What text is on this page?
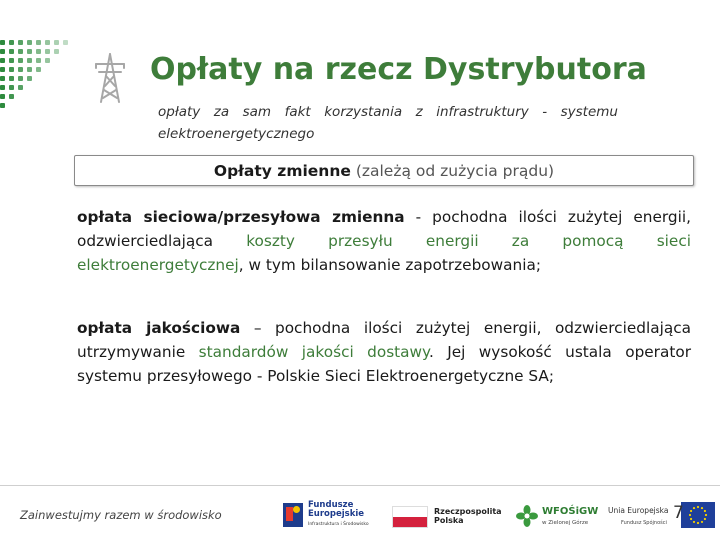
Opłaty na rzecz Dystrybutora

opłaty za sam fakt korzystania z infrastruktury - systemu elektroenergetycznego

Opłaty zmienne (zależą od zużycia prądu)

opłata sieciowa/przesyłowa zmienna - pochodna ilości zużytej energii, odzwierciedlająca koszty przesyłu energii za pomocą sieci elektroenergetycznej, w tym bilansowanie zapotrzebowania;

opłata jakościowa – pochodna ilości zużytej energii, odzwierciedlająca utrzymywanie standardów jakości dostawy. Jej wysokość ustala operator systemu przesyłowego - Polskie Sieci Elektroenergetyczne SA;

Zainwestujmy razem w środowisko
Fundusze Europejskie
Infrastruktura i Środowisko
Rzeczpospolita Polska
WFOŚiGW
w Zielonej Górze
Unia Europejska
Fundusz Spójności 7
